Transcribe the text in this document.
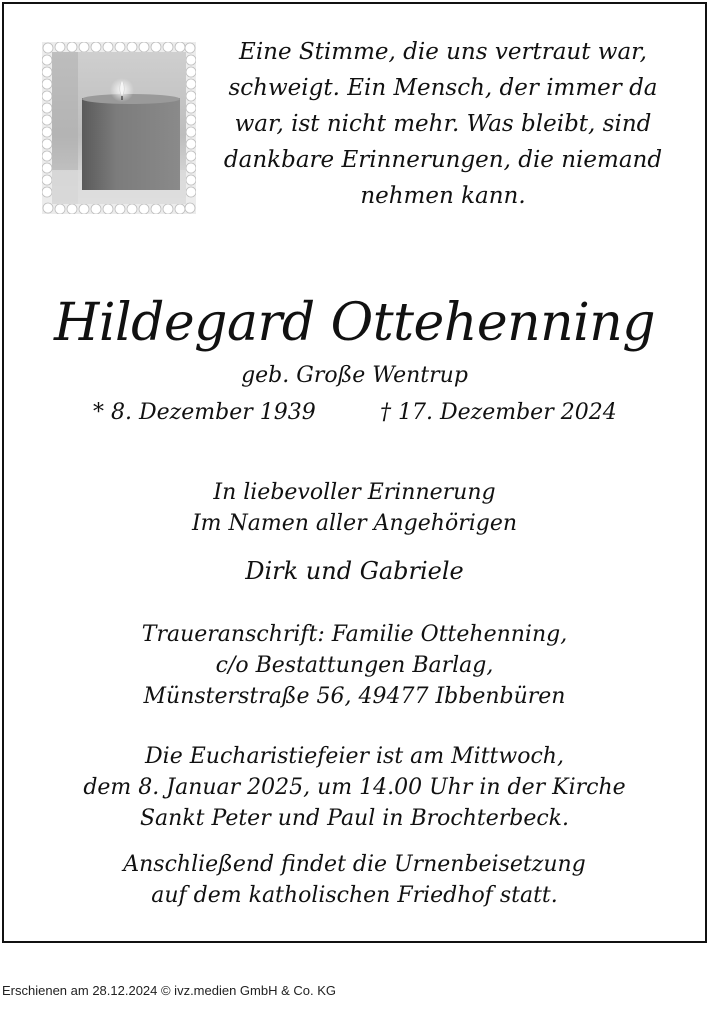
Eine Stimme, die uns vertraut war,
schweigt. Ein Mensch, der immer da
war, ist nicht mehr. Was bleibt, sind
dankbare Erinnerungen, die niemand
nehmen kann.
Hildegard Ottehenning
geb. Große Wentrup
* 8. Dezember 1939	† 17. Dezember 2024
In liebevoller Erinnerung
Im Namen aller Angehörigen
Dirk und Gabriele
Traueranschrift: Familie Ottehenning,
c/o Bestattungen Barlag,
Münsterstraße 56, 49477 Ibbenbüren
Die Eucharistiefeier ist am Mittwoch,
dem 8. Januar 2025, um 14.00 Uhr in der Kirche
Sankt Peter und Paul in Brochterbeck.
Anschließend findet die Urnenbeisetzung
auf dem katholischen Friedhof statt.
Erschienen am 28.12.2024 © ivz.medien GmbH & Co. KG
